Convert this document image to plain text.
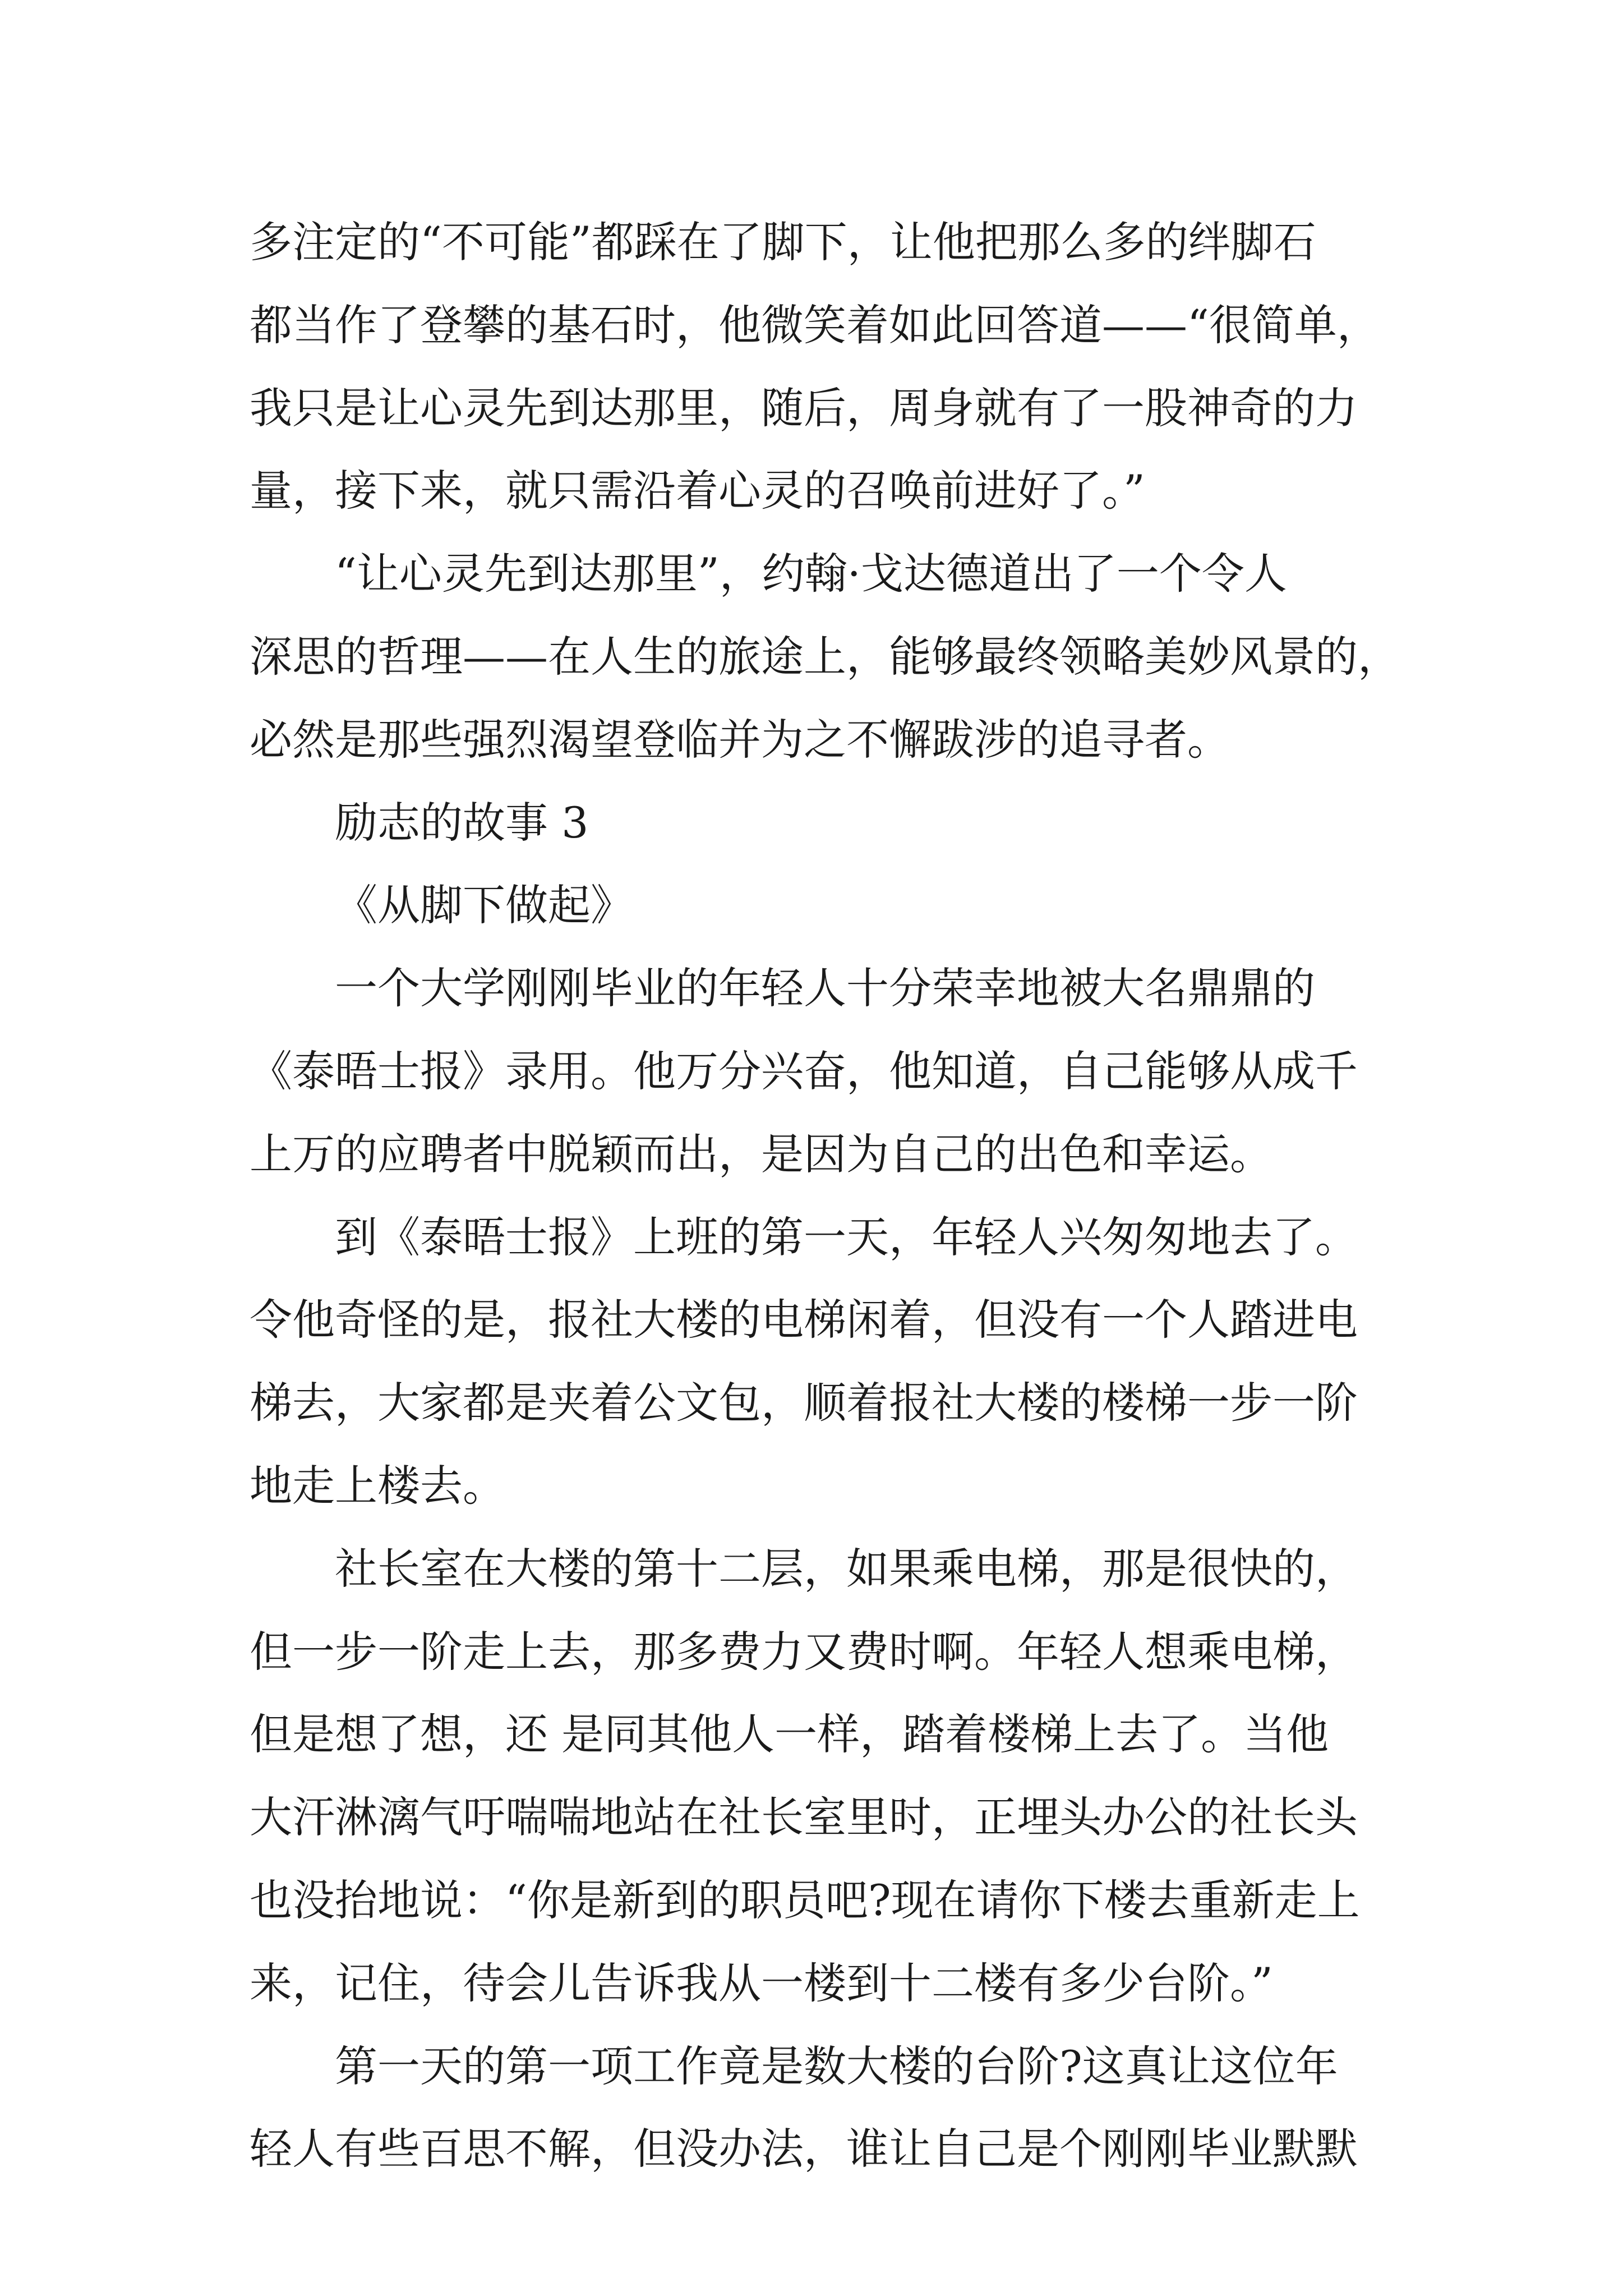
多注定的“不可能”都踩在了脚下，让他把那么多的绊脚石
都当作了登攀的基石时，他微笑着如此回答道——“很简单，
我只是让心灵先到达那里，随后，周身就有了一股神奇的力
量，接下来，就只需沿着心灵的召唤前进好了。”
“让心灵先到达那里”，约翰·戈达德道出了一个令人
深思的哲理——在人生的旅途上，能够最终领略美妙风景的，
必然是那些强烈渴望登临并为之不懈跋涉的追寻者。
励志的故事 3
《从脚下做起》
一个大学刚刚毕业的年轻人十分荣幸地被大名鼎鼎的
《泰晤士报》录用。他万分兴奋，他知道，自己能够从成千
上万的应聘者中脱颖而出，是因为自己的出色和幸运。
到《泰晤士报》上班的第一天，年轻人兴匆匆地去了。
令他奇怪的是，报社大楼的电梯闲着，但没有一个人踏进电
梯去，大家都是夹着公文包，顺着报社大楼的楼梯一步一阶
地走上楼去。
社长室在大楼的第十二层，如果乘电梯，那是很快的，
但一步一阶走上去，那多费力又费时啊。年轻人想乘电梯，
但是想了想，还 是同其他人一样，踏着楼梯上去了。当他
大汗淋漓气吁喘喘地站在社长室里时，正埋头办公的社长头
也没抬地说：“你是新到的职员吧?现在请你下楼去重新走上
来，记住，待会儿告诉我从一楼到十二楼有多少台阶。”
第一天的第一项工作竟是数大楼的台阶?这真让这位年
轻人有些百思不解，但没办法，谁让自己是个刚刚毕业默默
